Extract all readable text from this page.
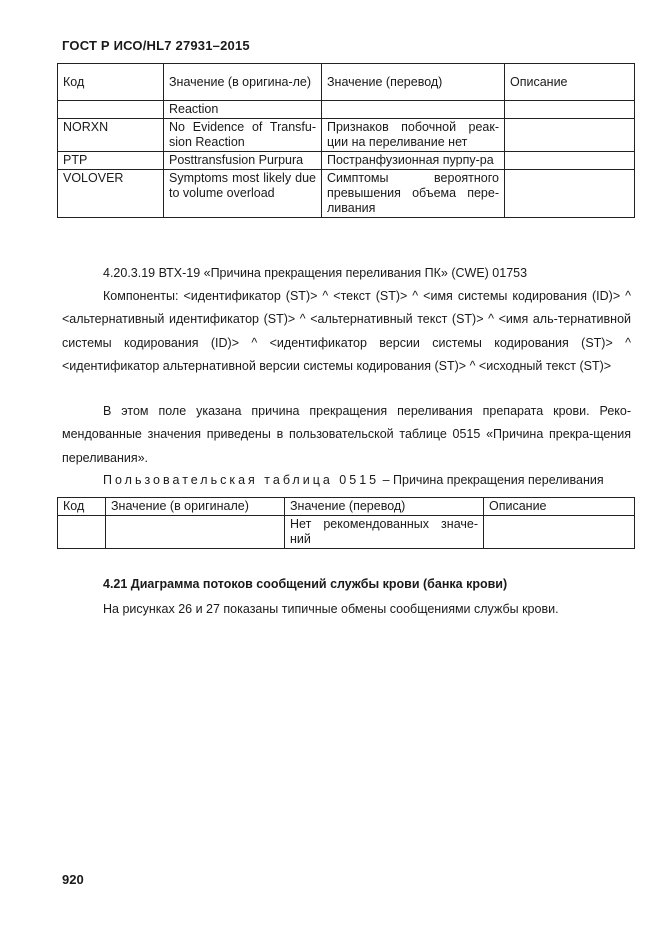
ГОСТ Р ИСО/HL7 27931–2015
Код	Значение (в оригина-ле)	Значение (перевод)	Описание
	Reaction		
NORXN	No Evidence of Transfu-sion Reaction	Признаков побочной реак-ции на переливание нет	
PTP	Posttransfusion Purpura	Постранфузионная пурпу-ра	
VOLOVER	Symptoms most likely due to volume overload	Симптомы вероятного превышения объема пере-ливания	
4.20.3.19 ВТХ-19 «Причина прекращения переливания ПК» (CWE) 01753
Компоненты: <идентификатор (ST)> ^ <текст (ST)> ^ <имя системы кодирования (ID)> ^ <альтернативный идентификатор (ST)> ^ <альтернативный текст (ST)> ^ <имя аль-тернативной системы кодирования (ID)> ^ <идентификатор версии системы кодирования (ST)> ^ <идентификатор альтернативной версии системы кодирования (ST)> ^ <исходный текст (ST)>
В этом поле указана причина прекращения переливания препарата крови. Реко-мендованные значения приведены в пользовательской таблице 0515 «Причина прекра-щения переливания».
Пользовательская таблица 0515 – Причина прекращения переливания
Код	Значение (в оригинале)	Значение (перевод)	Описание
		Нет рекомендованных значе-ний	
4.21 Диаграмма потоков сообщений службы крови (банка крови)
На рисунках 26 и 27 показаны типичные обмены сообщениями службы крови.
920
